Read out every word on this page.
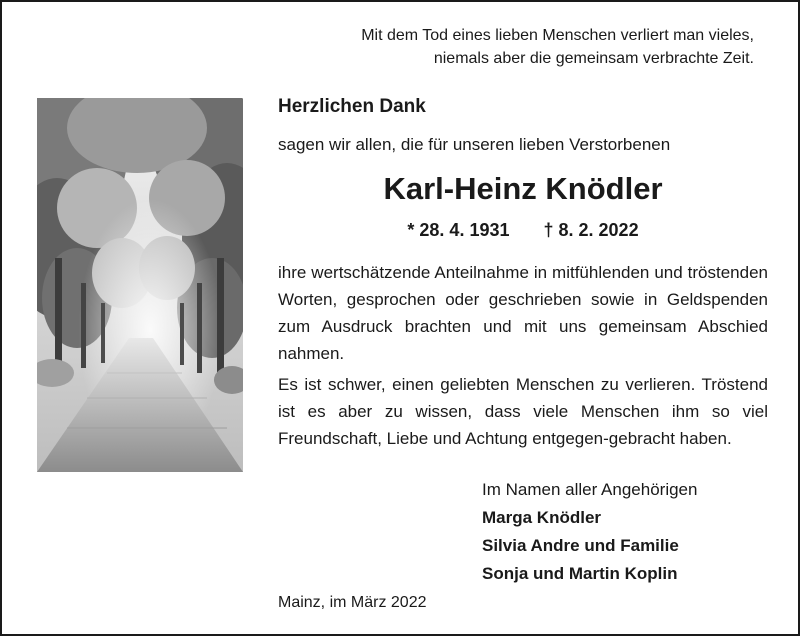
Mit dem Tod eines lieben Menschen verliert man vieles,
niemals aber die gemeinsam verbrachte Zeit.
Herzlichen Dank
sagen wir allen, die für unseren lieben Verstorbenen
Karl-Heinz Knödler
* 28. 4. 1931 † 8. 2. 2022
ihre wertschätzende Anteilnahme in mitfühlenden und tröstenden Worten, gesprochen oder geschrieben sowie in Geldspenden zum Ausdruck brachten und mit uns gemeinsam Abschied nahmen.
Es ist schwer, einen geliebten Menschen zu verlieren. Tröstend ist es aber zu wissen, dass viele Menschen ihm so viel Freundschaft, Liebe und Achtung entgegen-gebracht haben.
Im Namen aller Angehörigen
Marga Knödler
Silvia Andre und Familie
Sonja und Martin Koplin
Mainz, im März 2022
